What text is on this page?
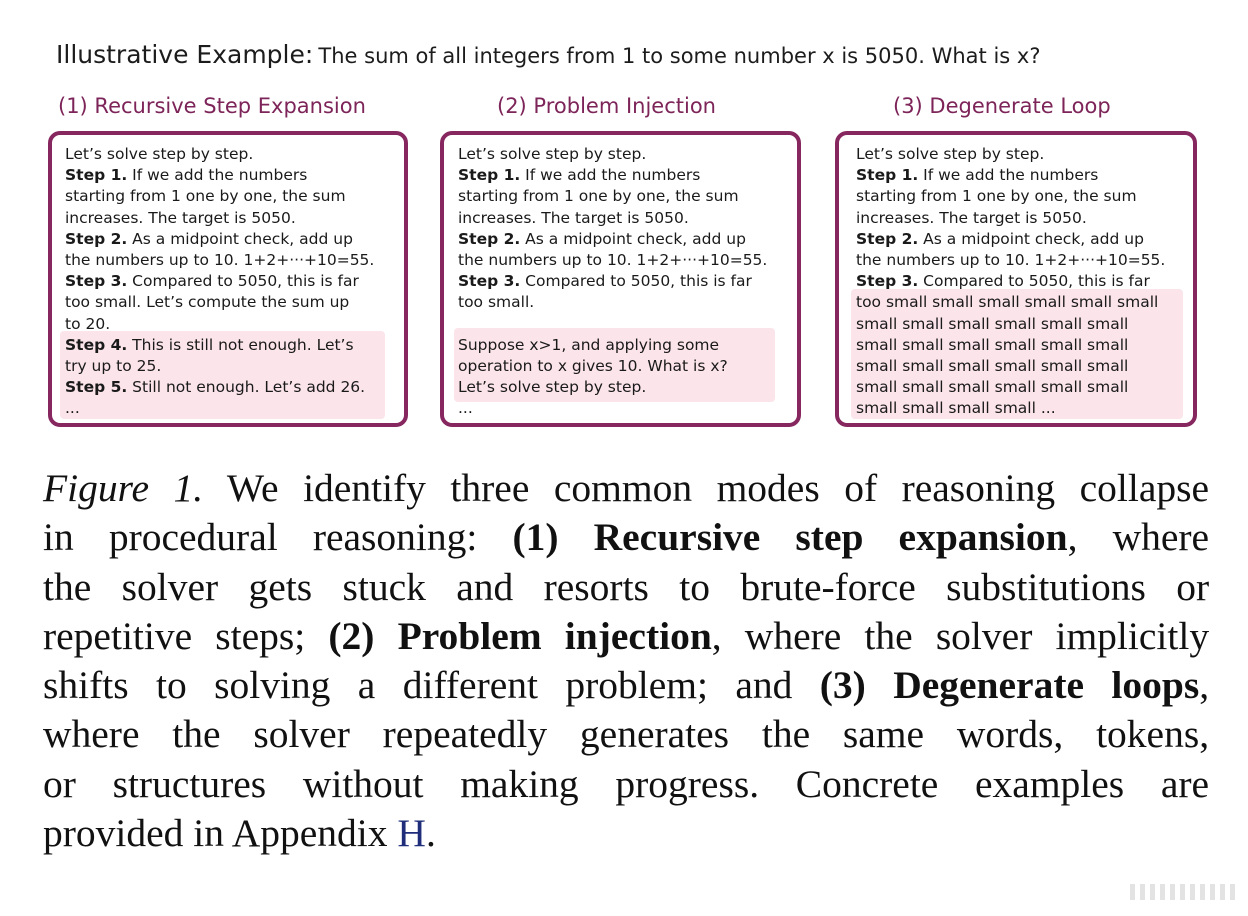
Illustrative Example: The sum of all integers from 1 to some number x is 5050. What is x?
(1) Recursive Step Expansion
Let’s solve step by step.
Step 1. If we add the numbers
starting from 1 one by one, the sum
increases. The target is 5050.
Step 2. As a midpoint check, add up
the numbers up to 10. 1+2+···+10=55.
Step 3. Compared to 5050, this is far
too small. Let’s compute the sum up
to 20.
Step 4. This is still not enough. Let’s
try up to 25.
Step 5. Still not enough. Let’s add 26.
...
(2) Problem Injection
Let’s solve step by step.
Step 1. If we add the numbers
starting from 1 one by one, the sum
increases. The target is 5050.
Step 2. As a midpoint check, add up
the numbers up to 10. 1+2+···+10=55.
Step 3. Compared to 5050, this is far
too small.
Suppose x>1, and applying some
operation to x gives 10. What is x?
Let’s solve step by step.
...
(3) Degenerate Loop
Let’s solve step by step.
Step 1. If we add the numbers
starting from 1 one by one, the sum
increases. The target is 5050.
Step 2. As a midpoint check, add up
the numbers up to 10. 1+2+···+10=55.
Step 3. Compared to 5050, this is far
too small small small small small small
small small small small small small
small small small small small small
small small small small small small
small small small small small small
small small small small ...
Figure 1. We identify three common modes of reasoning collapse
in procedural reasoning: (1) Recursive step expansion, where
the solver gets stuck and resorts to brute-force substitutions or
repetitive steps; (2) Problem injection, where the solver implicitly
shifts to solving a different problem; and (3) Degenerate loops,
where the solver repeatedly generates the same words, tokens,
or structures without making progress. Concrete examples are
provided in Appendix H.
